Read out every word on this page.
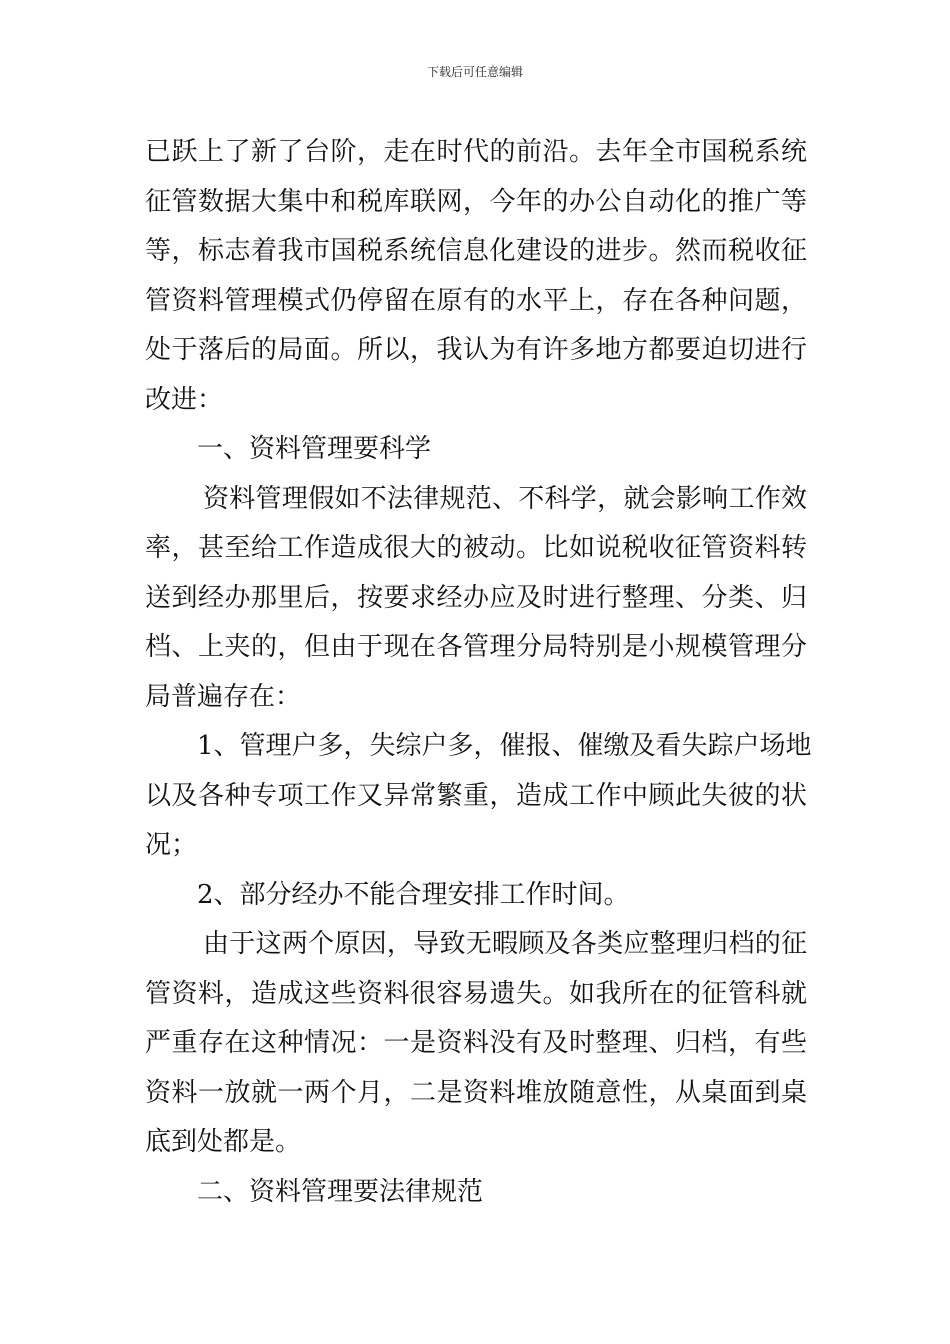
下载后可任意编辑
已跃上了新了台阶，走在时代的前沿。去年全市国税系统
征管数据大集中和税库联网，今年的办公自动化的推广等
等，标志着我市国税系统信息化建设的进步。然而税收征
管资料管理模式仍停留在原有的水平上，存在各种问题，
处于落后的局面。所以，我认为有许多地方都要迫切进行
改进：
一、资料管理要科学
资料管理假如不法律规范、不科学，就会影响工作效
率，甚至给工作造成很大的被动。比如说税收征管资料转
送到经办那里后，按要求经办应及时进行整理、分类、归
档、上夹的，但由于现在各管理分局特别是小规模管理分
局普遍存在：
1、管理户多，失综户多，催报、催缴及看失踪户场地
以及各种专项工作又异常繁重，造成工作中顾此失彼的状
况；
2、部分经办不能合理安排工作时间。
由于这两个原因，导致无暇顾及各类应整理归档的征
管资料，造成这些资料很容易遗失。如我所在的征管科就
严重存在这种情况：一是资料没有及时整理、归档，有些
资料一放就一两个月，二是资料堆放随意性，从桌面到桌
底到处都是。
二、资料管理要法律规范
